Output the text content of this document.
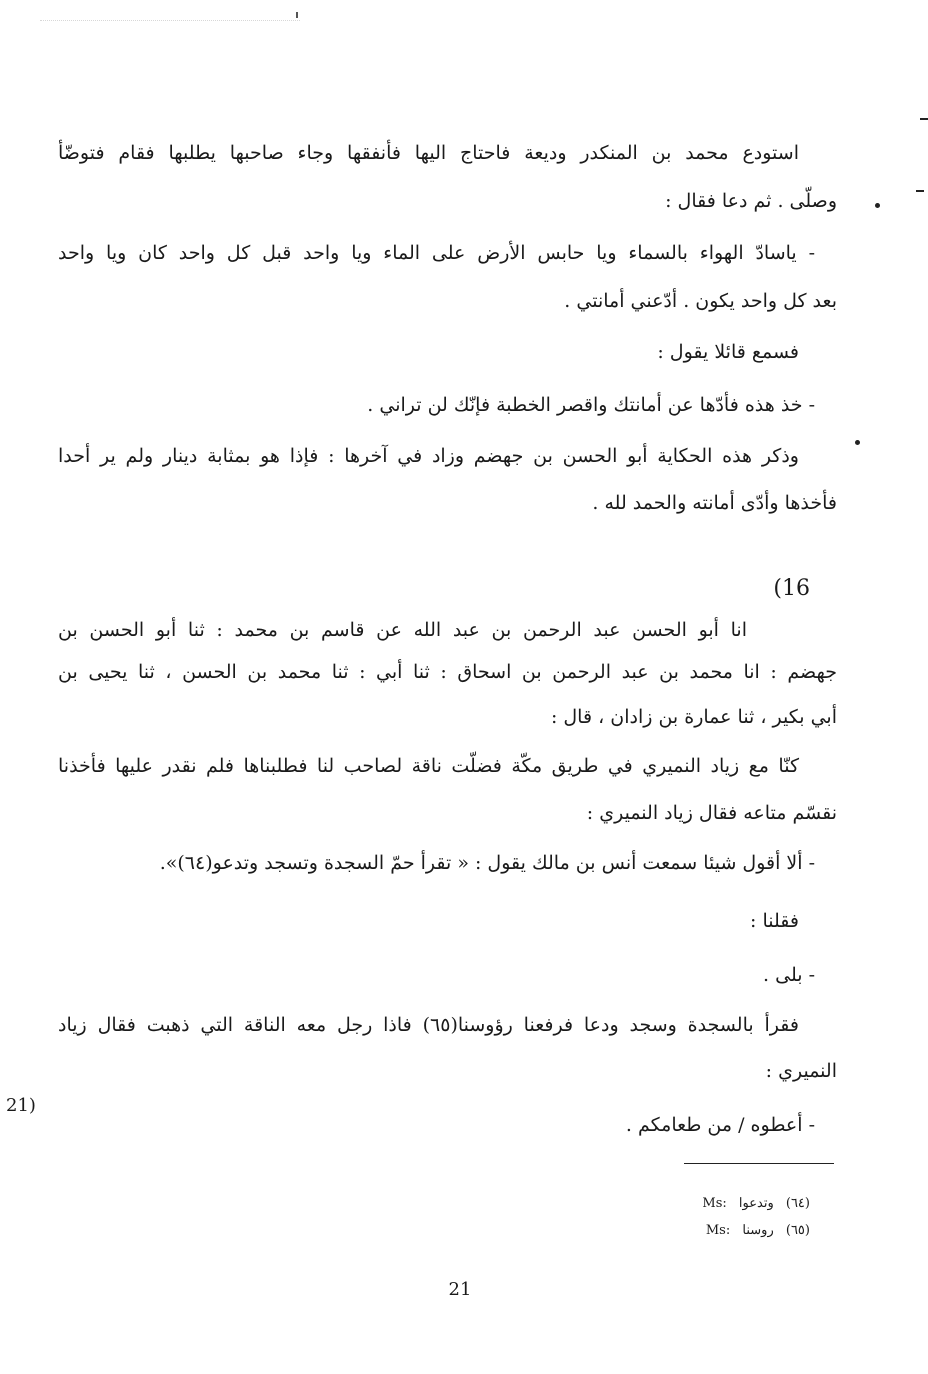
استودع محمد بن المنكدر وديعة فاحتاج اليها فأنفقها وجاء صاحبها يطلبها فقام فتوضّأ
وصلّى . ثم دعا فقال :
- ياسادّ الهواء بالسماء ويا حابس الأرض على الماء ويا واحد قبل كل واحد كان ويا واحد
بعد كل واحد يكون . أدّعني أمانتي .
فسمع قائلا يقول :
- خذ هذه فأدّها عن أمانتك واقصر الخطبة فإنّك لن تراني .
وذكر هذه الحكاية أبو الحسن بن جهضم وزاد في آخرها : فإذا هو بمثابة دينار ولم ير أحدا
فأخذها وأدّى أمانته والحمد لله .
(16
انا أبو الحسن عبد الرحمن بن عبد الله عن قاسم بن محمد : ثنا أبو الحسن بن
جهضم : انا محمد بن عبد الرحمن بن اسحاق : ثنا أبي : ثنا محمد بن الحسن ، ثنا يحيى بن
أبي بكير ، ثنا عمارة بن زادان ، قال :
كنّا مع زياد النميري في طريق مكّة فضلّت ناقة لصاحب لنا فطلبناها فلم نقدر عليها فأخذنا
نقسّم متاعه فقال زياد النميري :
- ألا أقول شيئا سمعت أنس بن مالك يقول : « تقرأ حمّ السجدة وتسجد وتدعو(٦٤)».
فقلنا :
- بلى .
فقرأ بالسجدة وسجد ودعا فرفعنا رؤوسنا(٦٥) فاذا رجل معه الناقة التي ذهبت فقال زياد
النميري :
- أعطوه / من طعامكم .
21)
Ms: وتدعوا (٦٤)
Ms: روسنا (٦٥)
21
